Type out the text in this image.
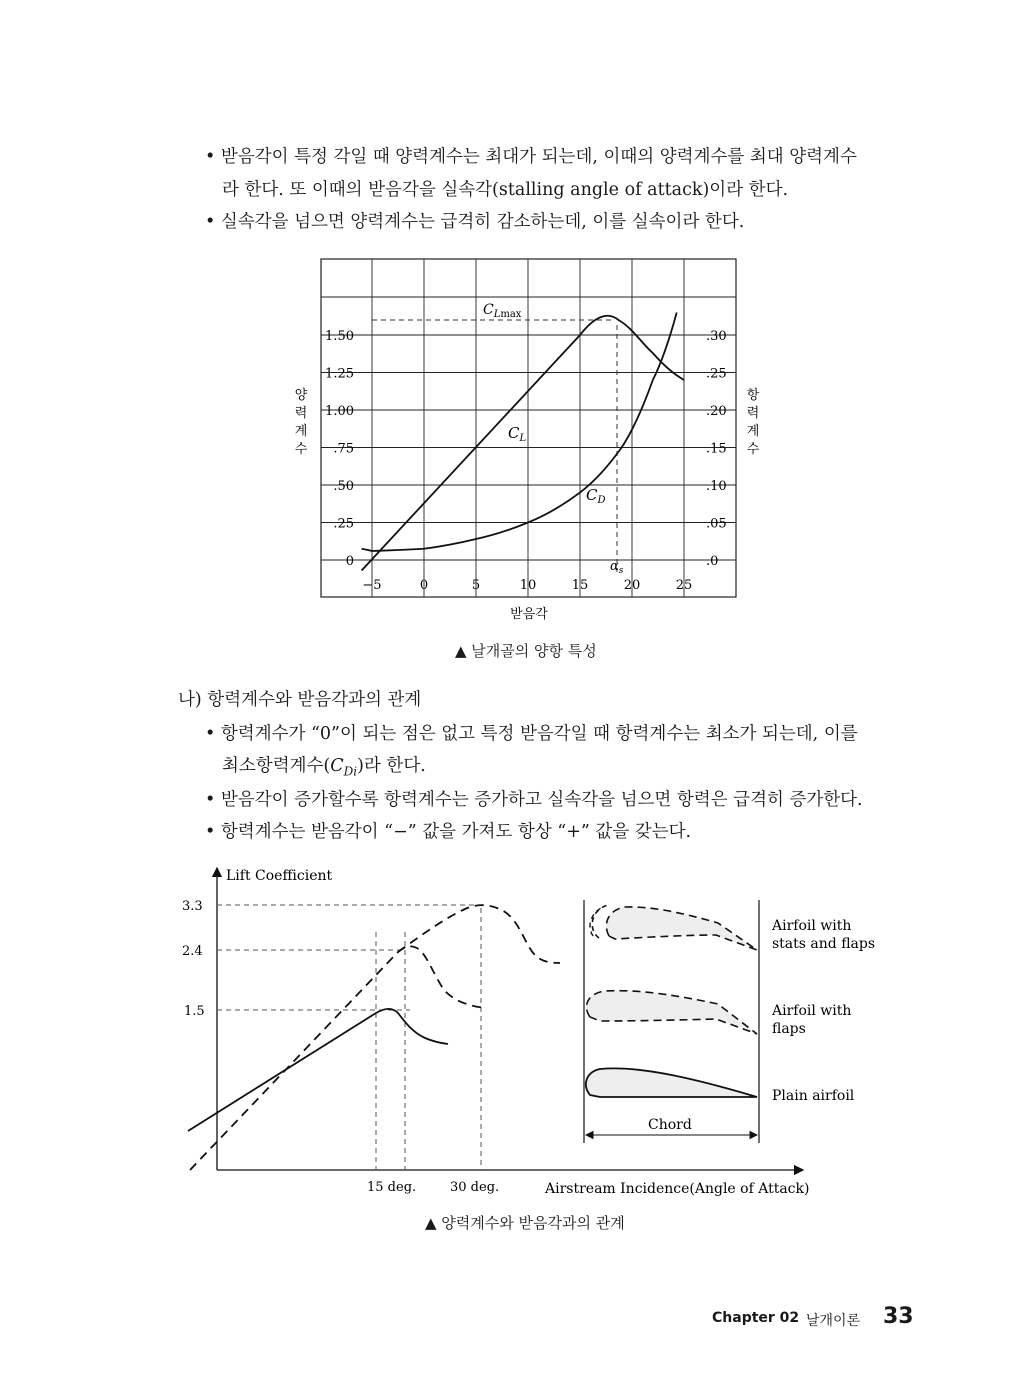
• 받음각이 특정 각일 때 양력계수는 최대가 되는데, 이때의 양력계수를 최대 양력계수
라 한다. 또 이때의 받음각을 실속각(stalling angle of attack)이라 한다.
• 실속각을 넘으면 양력계수는 급격히 감소하는데, 이를 실속이라 한다.
0
.25
.50
.75
1.00
1.25
1.50
.0
.05
.10
.15
.20
.25
.30
−5	0	5	10	15	20	25
$C_L\max$
$C_L$
$C_D$
$\alpha_s$
받음각
양
력
계
수
항
력
계
수
▲ 날개골의 양항 특성
나) 항력계수와 받음각과의 관계
• 항력계수가 “0”이 되는 점은 없고 특정 받음각일 때 항력계수는 최소가 되는데, 이를
최소항력계수$(C_{Di})$라 한다.
• 받음각이 증가할수록 항력계수는 증가하고 실속각을 넘으면 항력은 급격히 증가한다.
• 항력계수는 받음각이 “−” 값을 가져도 항상 “+” 값을 갖는다.
Lift Coefficient
Airstream Incidence(Angle of Attack)
3.3
2.4
1.5
15 deg.	30 deg.
Chord
Airfoil with
stats and flaps
Airfoil with
flaps
Plain airfoil
▲ 양력계수와 받음각과의 관계
Chapter 02 날개이론 33
